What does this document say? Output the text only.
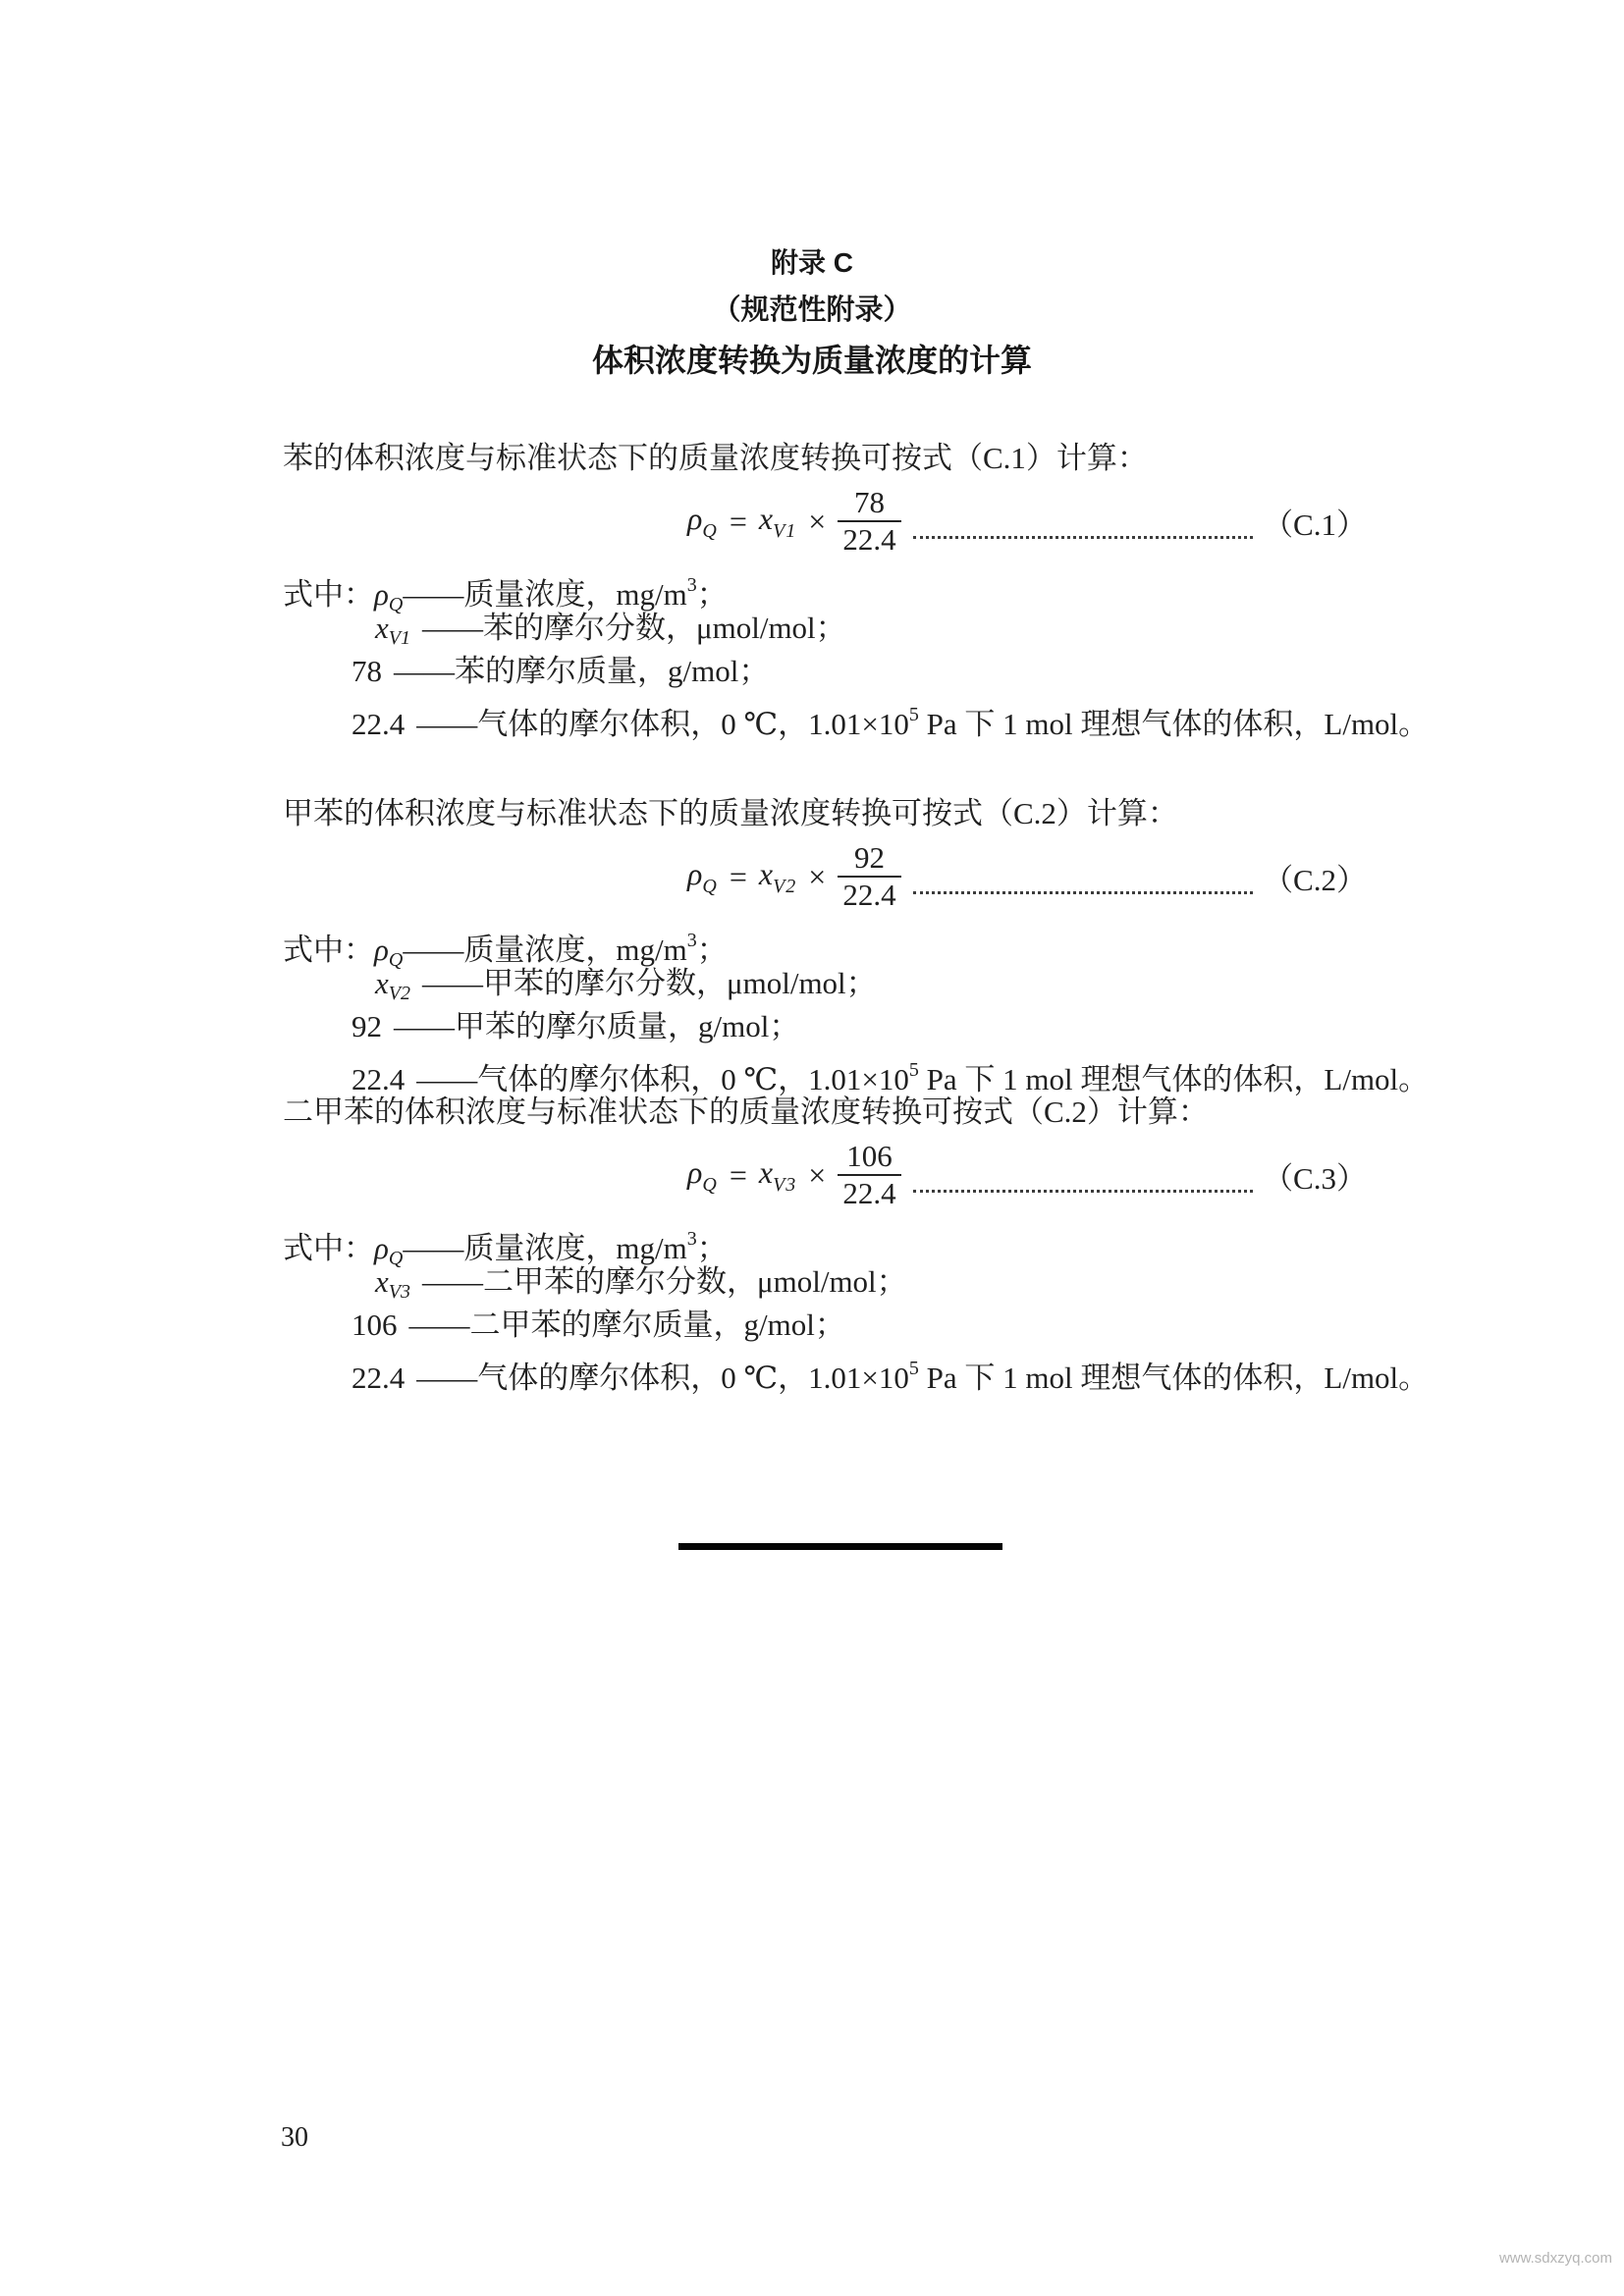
附录 C
（规范性附录）
体积浓度转换为质量浓度的计算

苯的体积浓度与标准状态下的质量浓度转换可按式（C.1）计算：

$\rho_Q = x_{V1} \times \frac{78}{22.4}$	（C.1）

式中：$\rho_Q——$质量浓度，$mg/m^3$；

$x_{V1}$ ——苯的摩尔分数，μmol/mol；

78 ——苯的摩尔质量，g/mol；

22.4 ——气体的摩尔体积，0 ℃，$1.01\times 10^5$ Pa 下 1 mol 理想气体的体积，L/mol。

甲苯的体积浓度与标准状态下的质量浓度转换可按式（C.2）计算：

$\rho_Q = x_{V2} \times \frac{92}{22.4}$	（C.2）

式中：$\rho_Q——$质量浓度，$mg/m^3$；

$x_{V2}$ ——甲苯的摩尔分数，μmol/mol；

92 ——甲苯的摩尔质量，g/mol；

22.4 ——气体的摩尔体积，0 ℃，$1.01\times 10^5$ Pa 下 1 mol 理想气体的体积，L/mol。

二甲苯的体积浓度与标准状态下的质量浓度转换可按式（C.2）计算：

$\rho_Q = x_{V3} \times \frac{106}{22.4}$	（C.3）

式中：$\rho_Q——$质量浓度，$mg/m^3$；

$x_{V3}$ ——二甲苯的摩尔分数，μmol/mol；

106 ——二甲苯的摩尔质量，g/mol；

22.4 ——气体的摩尔体积，0 ℃，$1.01\times 10^5$ Pa 下 1 mol 理想气体的体积，L/mol。

30
www.sdxzyq.com
